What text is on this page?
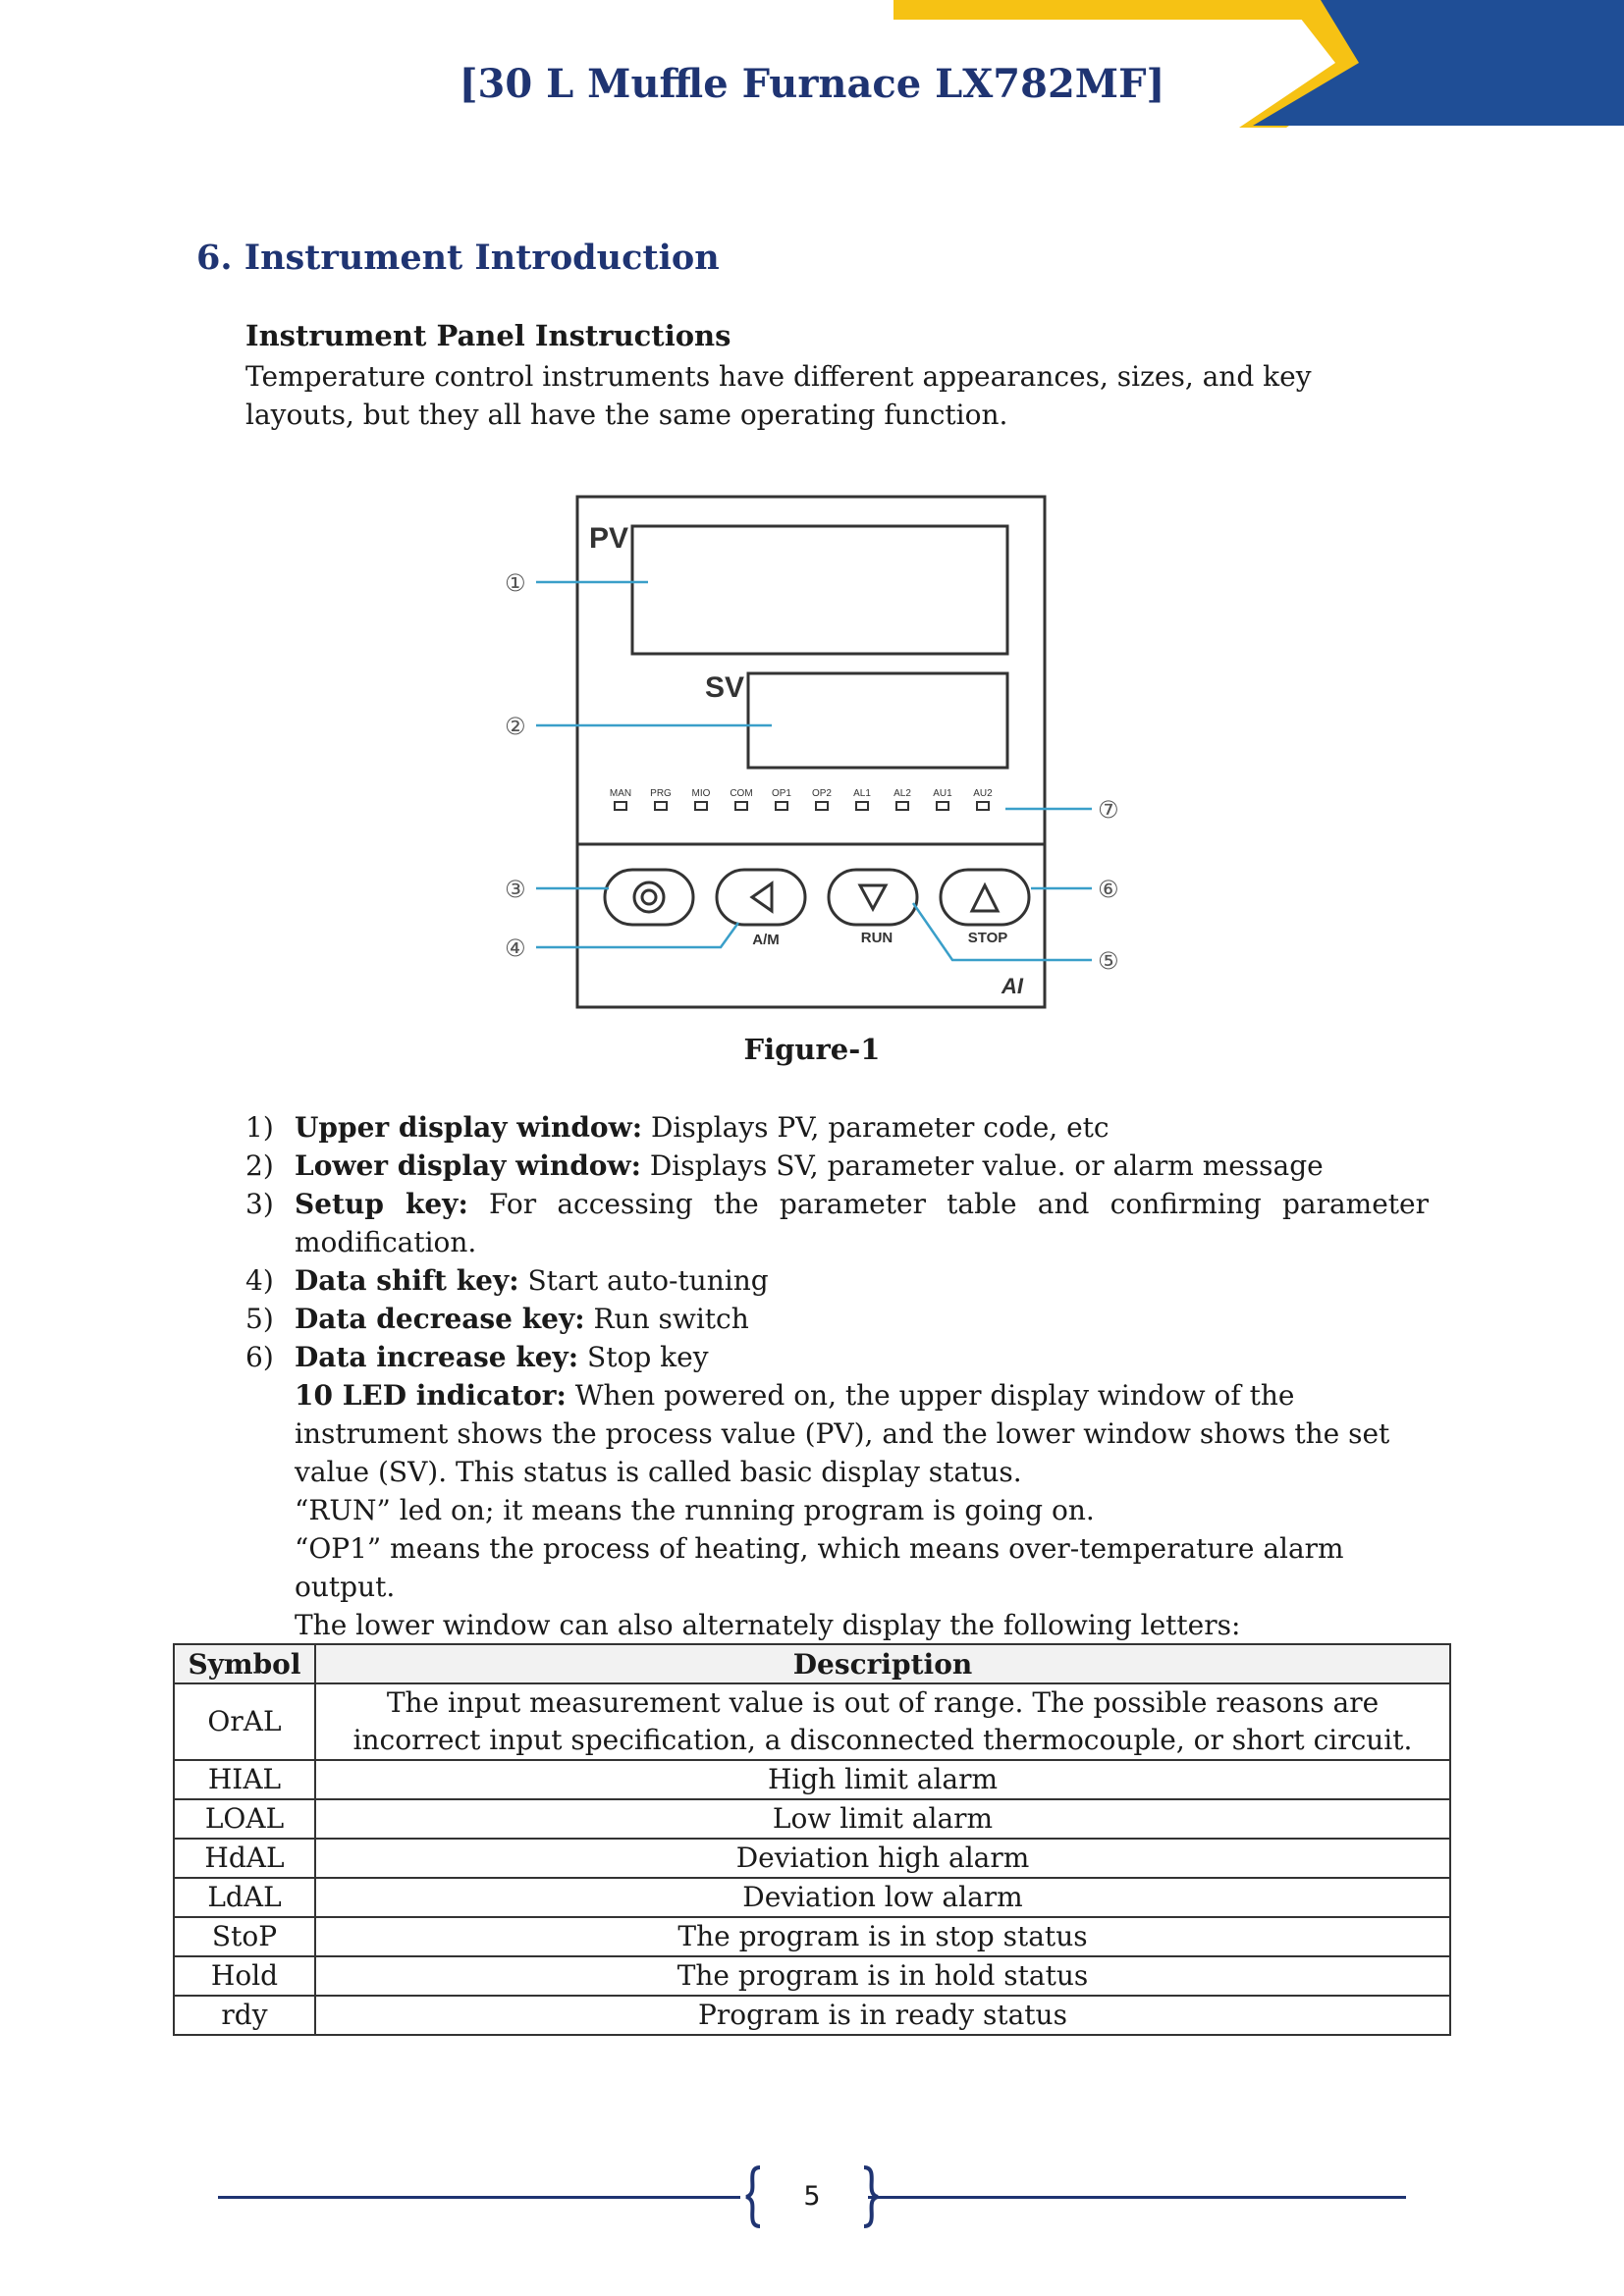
[30 L Muffle Furnace LX782MF]
6. Instrument Introduction
Instrument Panel Instructions
Temperature control instruments have different appearances, sizes, and key layouts, but they all have the same operating function.
PV
SV
MAN PRG MIO COM OP1 OP2 AL1 AL2 AU1 AU2
A/M	RUN	STOP
AI
①
②
③
④	⑤
⑥
⑦
Figure-1
1) Upper display window: Displays PV, parameter code, etc
2) Lower display window: Displays SV, parameter value. or alarm message
3) Setup key: For accessing the parameter table and confirming parameter modification.
4) Data shift key: Start auto-tuning
5) Data decrease key: Run switch
6) Data increase key: Stop key
10 LED indicator: When powered on, the upper display window of the instrument shows the process value (PV), and the lower window shows the set value (SV). This status is called basic display status.
“RUN” led on; it means the running program is going on.
“OP1” means the process of heating, which means over-temperature alarm output.
The lower window can also alternately display the following letters:
Symbol	Description
OrAL	The input measurement value is out of range. The possible reasons are incorrect input specification, a disconnected thermocouple, or short circuit.
HIAL	High limit alarm
LOAL	Low limit alarm
HdAL	Deviation high alarm
LdAL	Deviation low alarm
StoP	The program is in stop status
Hold	The program is in hold status
rdy	Program is in ready status
5
